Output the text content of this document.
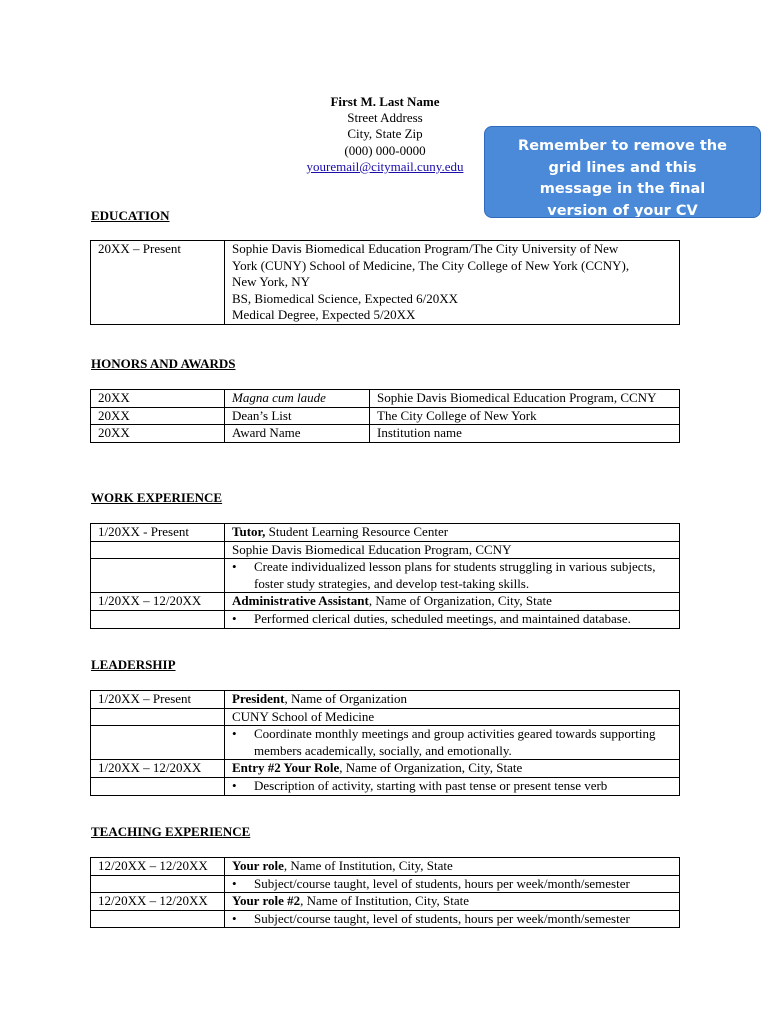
First M. Last Name
Street Address
City, State Zip
(000) 000-0000
youremail@citymail.cuny.edu
Remember to remove the
grid lines and this
message in the final
version of your CV
EDUCATION
20XX – Present	Sophie Davis Biomedical Education Program/The City University of New
York (CUNY) School of Medicine, The City College of New York (CCNY),
New York, NY
BS, Biomedical Science, Expected 6/20XX
Medical Degree, Expected 5/20XX
HONORS AND AWARDS
20XX	Magna cum laude	Sophie Davis Biomedical Education Program, CCNY
20XX	Dean’s List	The City College of New York
20XX	Award Name	Institution name
WORK EXPERIENCE
1/20XX - Present	Tutor, Student Learning Resource Center
	Sophie Davis Biomedical Education Program, CCNY

	• Create individualized lesson plans for students struggling in various subjects, foster study strategies, and develop test-taking skills.

1/20XX – 12/20XX	Administrative Assistant, Name of Organization, City, State

	• Performed clerical duties, scheduled meetings, and maintained database.
LEADERSHIP
1/20XX – Present	President, Name of Organization
	CUNY School of Medicine

	• Coordinate monthly meetings and group activities geared towards supporting members academically, socially, and emotionally.

1/20XX – 12/20XX	Entry #2 Your Role, Name of Organization, City, State

	• Description of activity, starting with past tense or present tense verb
TEACHING EXPERIENCE
12/20XX – 12/20XX	Your role, Name of Institution, City, State

	• Subject/course taught, level of students, hours per week/month/semester

12/20XX – 12/20XX	Your role #2, Name of Institution, City, State

	• Subject/course taught, level of students, hours per week/month/semester
